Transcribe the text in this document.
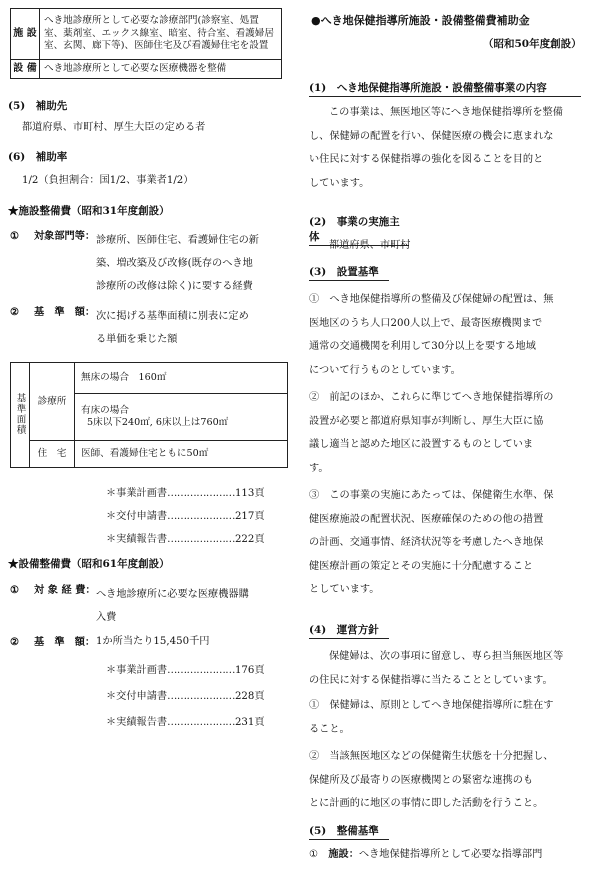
施 設	へき地診療所として必要な診療部門(診察室、処置室、薬剤室、エックス線室、暗室、待合室、看護婦居室、玄関、廊下等)、医師住宅及び看護婦住宅を設置
設 備	へき地診療所として必要な医療機器を整備
(5)　補助先
都道府県、市町村、厚生大臣の定める者
(6)　補助率
1/2（負担割合：国1/2、事業者1/2）
★施設整備費（昭和31年度創設）
① 対象部門等： 診療所、医師住宅、看護婦住宅の新
築、増改築及び改修(既存のへき地
診療所の改修は除く)に要する経費
② 基　準　額： 次に掲げる基準面積に別表に定め
る単価を乗じた額
基準面積	診療所	無床の場合　160㎡

		有床の場合
5床以下240㎡, 6床以上は760㎡

	住　宅	医師、看護婦住宅ともに50㎡
＊事業計画書…………………113頁
＊交付申請書…………………217頁
＊実績報告書…………………222頁
★設備整備費（昭和61年度創設）
① 対 象 経 費： へき地診療所に必要な医療機器購
入費
② 基　準　額： 1か所当たり15,450千円
＊事業計画書…………………176頁
＊交付申請書…………………228頁
＊実績報告書…………………231頁
●へき地保健指導所施設・設備整備費補助金
（昭和50年度創設）
(1)　へき地保健指導所施設・設備整備事業の内容
この事業は、無医地区等にへき地保健指導所を整備
し、保健婦の配置を行い、保健医療の機会に恵まれな
い住民に対する保健指導の強化を図ることを目的と
しています。
(2)　事業の実施主体
都道府県、市町村
(3)　設置基準
①　 へき地保健指導所の整備及び保健婦の配置は、無
医地区のうち人口200人以上で、最寄医療機関まで
通常の交通機関を利用して30分以上を要する地域
について行うものとしています。
②　 前記のほか、これらに準じてへき地保健指導所の
設置が必要と都道府県知事が判断し、厚生大臣に協
議し適当と認めた地区に設置するものとしていま
す。
③　 この事業の実施にあたっては、保健衛生水準、保
健医療施設の配置状況、医療確保のための他の措置
の計画、交通事情、経済状況等を考慮したへき地保
健医療計画の策定とその実施に十分配慮すること
としています。
(4)　運営方針
保健婦は、次の事項に留意し、専ら担当無医地区等
の住民に対する保健指導に当たることとしています。
①　 保健婦は、原則としてへき地保健指導所に駐在す
ること。
②　 当該無医地区などの保健衛生状態を十分把握し、
保健所及び最寄りの医療機関との緊密な連携のも
とに計画的に地区の事情に即した活動を行うこと。
(5)　整備基準
①　 施設：へき地保健指導所として必要な指導部門
